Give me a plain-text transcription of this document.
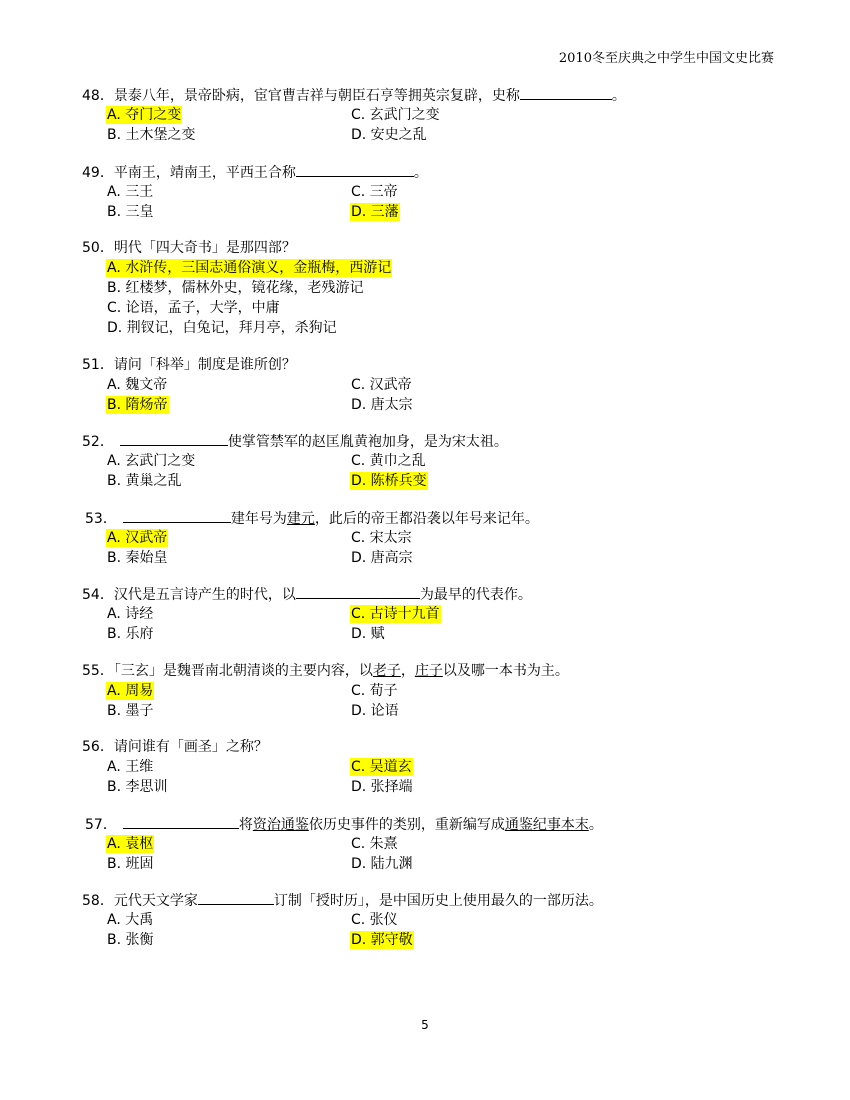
2010冬至庆典之中学生中国文史比赛
48．景泰八年，景帝卧病，宦官曹吉祥与朝臣石亨等拥英宗复辟，史称	。
A. 夺门之变	C. 玄武门之变
B. 土木堡之变	D. 安史之乱
49．平南王，靖南王，平西王合称	。
A. 三王	C. 三帝
B. 三皇	D. 三藩
50．明代「四大奇书」是那四部？
A. 水浒传，三国志通俗演义，金瓶梅，西游记
B. 红楼梦，儒林外史，镜花缘，老残游记
C. 论语，孟子，大学，中庸
D. 荆钗记，白兔记，拜月亭，杀狗记
51．请问「科举」制度是谁所创？
A. 魏文帝	C. 汉武帝
B. 隋炀帝	D. 唐太宗
52．	使掌管禁军的赵匡胤黄袍加身，是为宋太祖。
A. 玄武门之变	C. 黄巾之乱
B. 黄巢之乱	D. 陈桥兵变
53．	建年号为建元，此后的帝王都沿袭以年号来记年。
A. 汉武帝	C. 宋太宗
B. 秦始皇	D. 唐高宗
54．汉代是五言诗产生的时代，以	为最早的代表作。
A. 诗经	C. 古诗十九首
B. 乐府	D. 赋
55．「三玄」是魏晋南北朝清谈的主要内容，以老子，庄子以及哪一本书为主。
A. 周易	C. 荀子
B. 墨子	D. 论语
56．请问谁有「画圣」之称？
A. 王维	C. 吴道玄
B. 李思训	D. 张择端
57．	将资治通鉴依历史事件的类别，重新编写成通鉴纪事本末。
A. 袁枢	C. 朱熹
B. 班固	D. 陆九渊
58．元代天文学家	订制「授时历」，是中国历史上使用最久的一部历法。
A. 大禹	C. 张仪
B. 张衡	D. 郭守敬
5
